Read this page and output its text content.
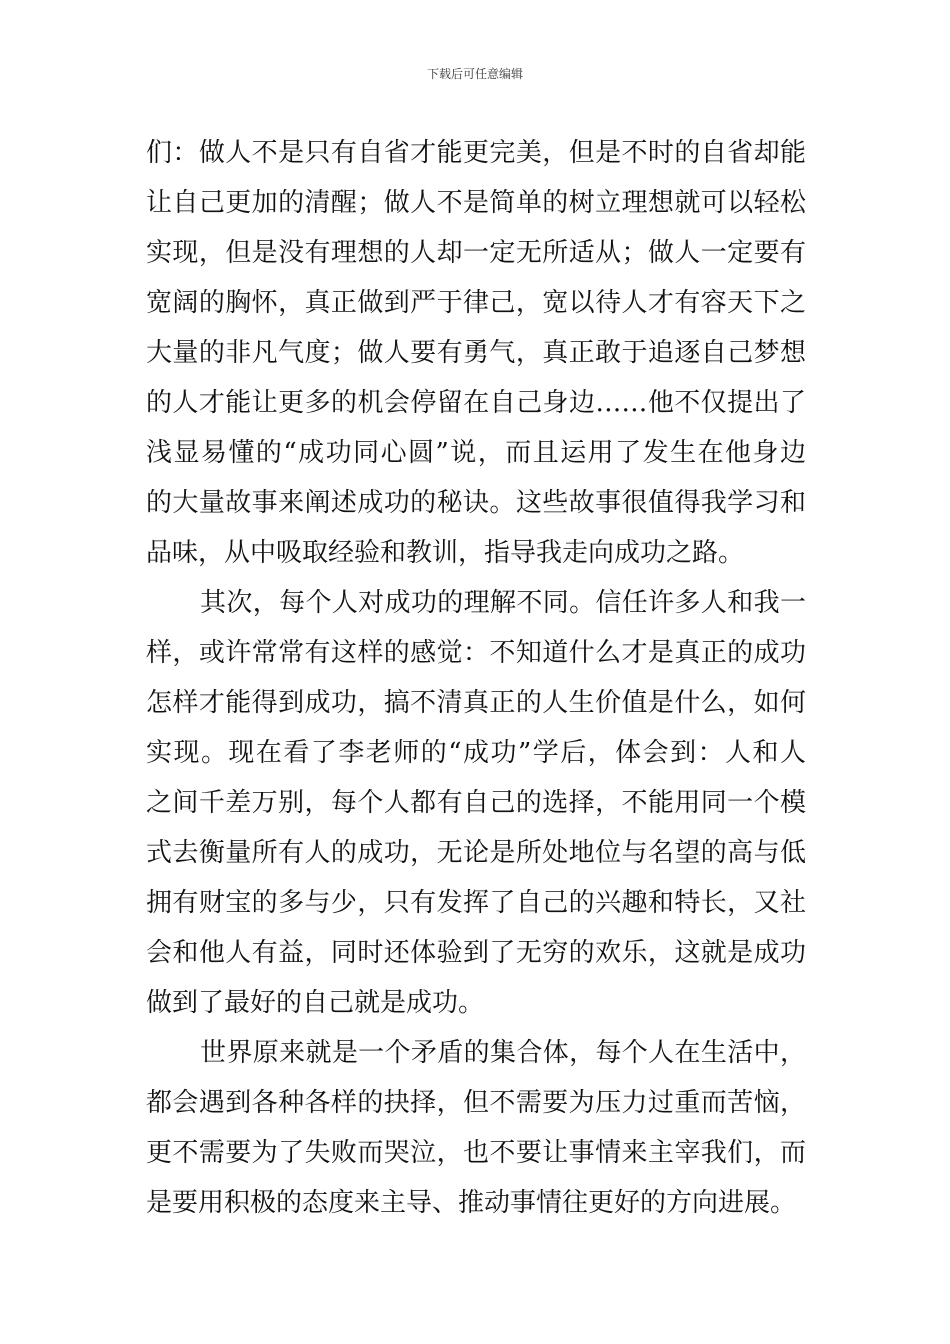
下载后可任意编辑
们：做人不是只有自省才能更完美，但是不时的自省却能
让自己更加的清醒；做人不是简单的树立理想就可以轻松
实现，但是没有理想的人却一定无所适从；做人一定要有
宽阔的胸怀，真正做到严于律己，宽以待人才有容天下之
大量的非凡气度；做人要有勇气，真正敢于追逐自己梦想
的人才能让更多的机会停留在自己身边……他不仅提出了
浅显易懂的“成功同心圆”说，而且运用了发生在他身边
的大量故事来阐述成功的秘诀。这些故事很值得我学习和
品味，从中吸取经验和教训，指导我走向成功之路。
其次，每个人对成功的理解不同。信任许多人和我一
样，或许常常有这样的感觉：不知道什么才是真正的成功
怎样才能得到成功，搞不清真正的人生价值是什么，如何
实现。现在看了李老师的“成功”学后，体会到：人和人
之间千差万别，每个人都有自己的选择，不能用同一个模
式去衡量所有人的成功，无论是所处地位与名望的高与低
拥有财宝的多与少，只有发挥了自己的兴趣和特长，又社
会和他人有益，同时还体验到了无穷的欢乐，这就是成功
做到了最好的自己就是成功。
世界原来就是一个矛盾的集合体，每个人在生活中，
都会遇到各种各样的抉择，但不需要为压力过重而苦恼，
更不需要为了失败而哭泣，也不要让事情来主宰我们，而
是要用积极的态度来主导、推动事情往更好的方向进展。
